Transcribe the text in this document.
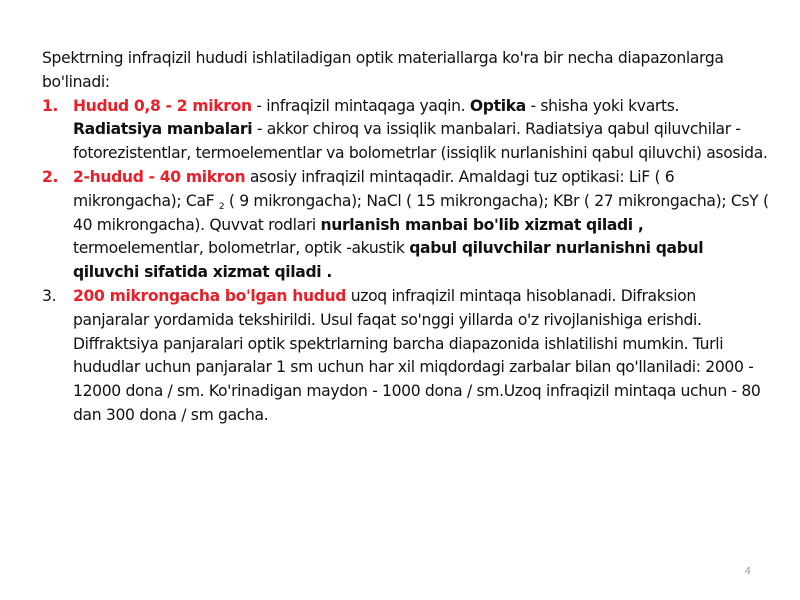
Spektrning infraqizil hududi ishlatiladigan optik materiallarga ko'ra bir necha diapazonlarga bo'linadi:

1. Hudud 0,8 - 2 mikron - infraqizil mintaqaga yaqin. Optika - shisha yoki kvarts. Radiatsiya manbalari - akkor chiroq va issiqlik manbalari. Radiatsiya qabul qiluvchilar - fotorezistentlar, termoelementlar va bolometrlar (issiqlik nurlanishini qabul qiluvchi) asosida.
2. 2-hudud - 40 mikron asosiy infraqizil mintaqadir. Amaldagi tuz optikasi: LiF ( 6 mikrongacha); CaF $_2$ ( 9 mikrongacha); NaCl ( 15 mikrongacha); KBr ( 27 mikrongacha); CsY ( 40 mikrongacha). Quvvat rodlari nurlanish manbai bo'lib xizmat qiladi , termoelementlar, bolometrlar, optik -akustik qabul qiluvchilar nurlanishni qabul qiluvchi sifatida xizmat qiladi .
3. 200 mikrongacha bo'lgan hudud uzoq infraqizil mintaqa hisoblanadi. Difraksion panjaralar yordamida tekshirildi. Usul faqat so'nggi yillarda o'z rivojlanishiga erishdi. Diffraktsiya panjaralari optik spektrlarning barcha diapazonida ishlatilishi mumkin. Turli hududlar uchun panjaralar 1 sm uchun har xil miqdordagi zarbalar bilan qo'llaniladi: 2000 - 12000 dona / sm. Ko'rinadigan maydon - 1000 dona / sm.Uzoq infraqizil mintaqa uchun - 80 dan 300 dona / sm gacha.
4
